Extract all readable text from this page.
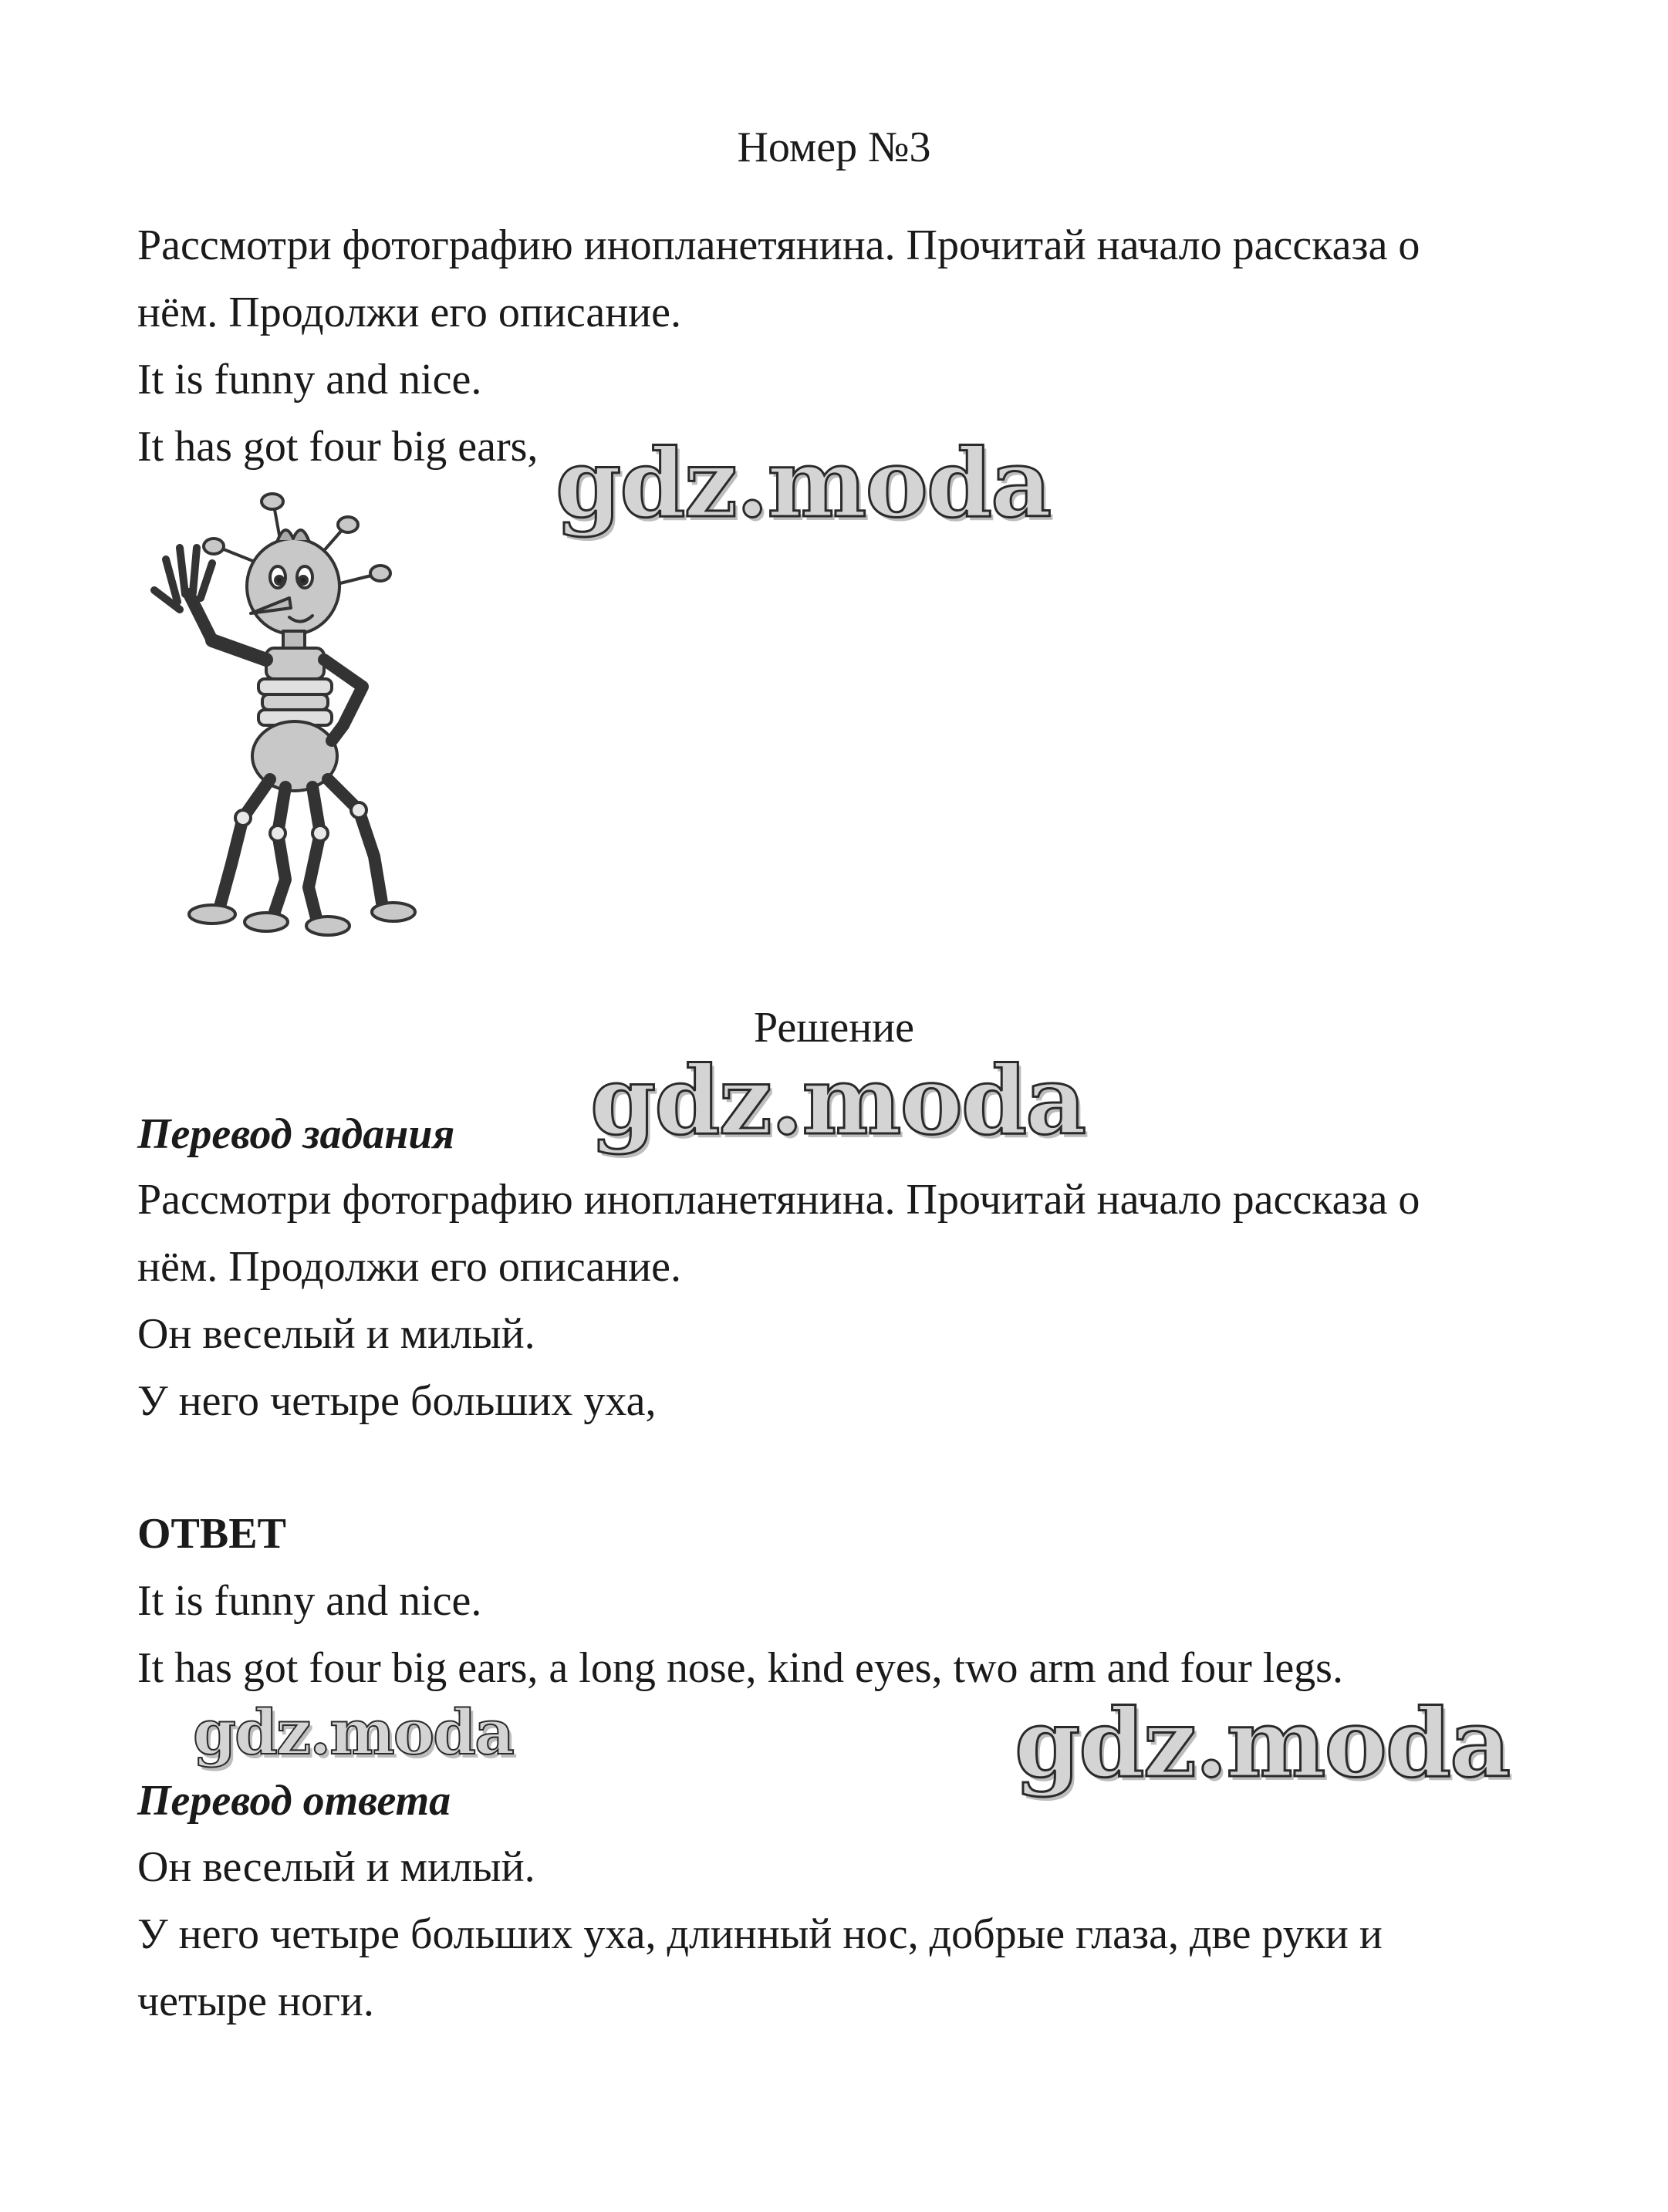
Номер №3
Рассмотри фотографию инопланетянина. Прочитай начало рассказа о
нём. Продолжи его описание.
It is funny and nice.
It has got four big ears, gdz.moda
Решение
gdz.moda
Перевод задания
Рассмотри фотографию инопланетянина. Прочитай начало рассказа о
нём. Продолжи его описание.
Он веселый и милый.
У него четыре больших уха,
ОТВЕТ
It is funny and nice.
It has got four big ears, a long nose, kind eyes, two arm and four legs.
gdz.moda	gdz.moda
Перевод ответа
Он веселый и милый.
У него четыре больших уха, длинный нос, добрые глаза, две руки и
четыре ноги.
